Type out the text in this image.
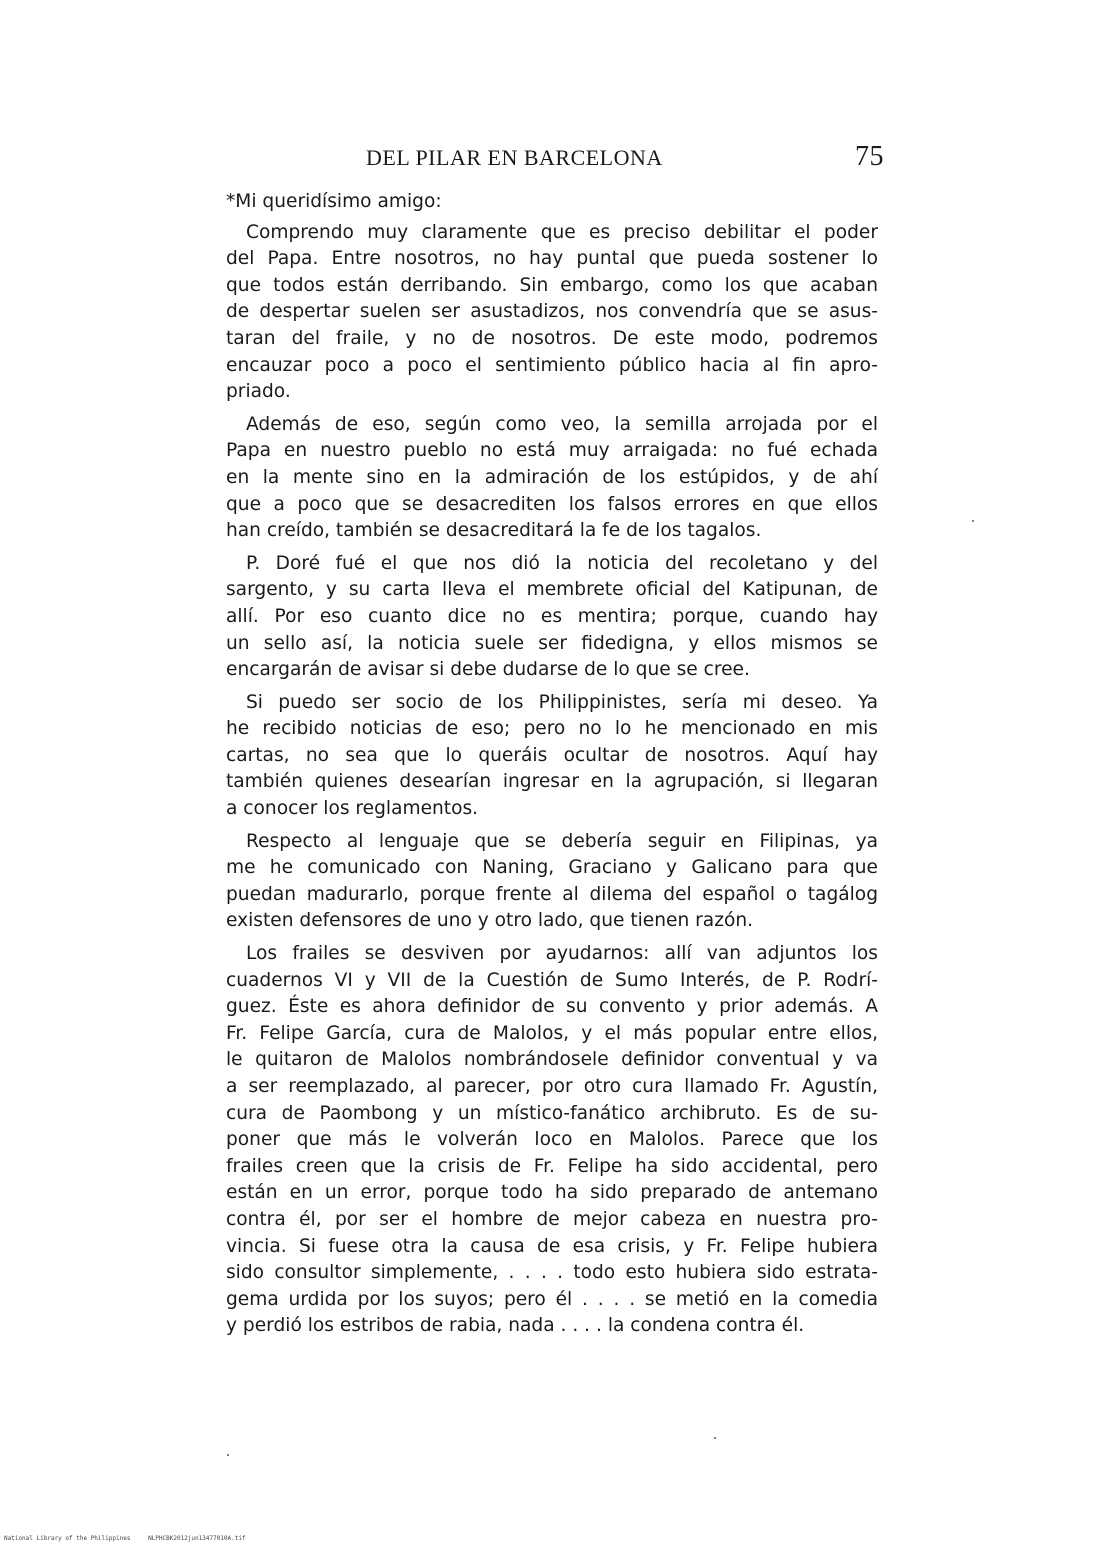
DEL PILAR EN BARCELONA	75
*Mi queridísimo amigo:
Comprendo muy claramente que es preciso debilitar el poder
del Papa. Entre nosotros, no hay puntal que pueda sostener lo
que todos están derribando. Sin embargo, como los que acaban
de despertar suelen ser asustadizos, nos convendría que se asus-
taran del fraile, y no de nosotros. De este modo, podremos
encauzar poco a poco el sentimiento público hacia al fin apro-
priado.
Además de eso, según como veo, la semilla arrojada por el
Papa en nuestro pueblo no está muy arraigada: no fué echada
en la mente sino en la admiración de los estúpidos, y de ahí
que a poco que se desacrediten los falsos errores en que ellos
han creído, también se desacreditará la fe de los tagalos.
P. Doré fué el que nos dió la noticia del recoletano y del
sargento, y su carta lleva el membrete oficial del Katipunan, de
allí. Por eso cuanto dice no es mentira; porque, cuando hay
un sello así, la noticia suele ser fidedigna, y ellos mismos se
encargarán de avisar si debe dudarse de lo que se cree.
Si puedo ser socio de los Philippinistes, sería mi deseo. Ya
he recibido noticias de eso; pero no lo he mencionado en mis
cartas, no sea que lo queráis ocultar de nosotros. Aquí hay
también quienes desearían ingresar en la agrupación, si llegaran
a conocer los reglamentos.
Respecto al lenguaje que se debería seguir en Filipinas, ya
me he comunicado con Naning, Graciano y Galicano para que
puedan madurarlo, porque frente al dilema del español o tagálog
existen defensores de uno y otro lado, que tienen razón.
Los frailes se desviven por ayudarnos: allí van adjuntos los
cuadernos VI y VII de la Cuestión de Sumo Interés, de P. Rodrí-
guez. Éste es ahora definidor de su convento y prior además. A
Fr. Felipe García, cura de Malolos, y el más popular entre ellos,
le quitaron de Malolos nombrándosele definidor conventual y va
a ser reemplazado, al parecer, por otro cura llamado Fr. Agustín,
cura de Paombong y un místico-fanático archibruto. Es de su-
poner que más le volverán loco en Malolos. Parece que los
frailes creen que la crisis de Fr. Felipe ha sido accidental, pero
están en un error, porque todo ha sido preparado de antemano
contra él, por ser el hombre de mejor cabeza en nuestra pro-
vincia. Si fuese otra la causa de esa crisis, y Fr. Felipe hubiera
sido consultor simplemente, . . . . todo esto hubiera sido estrata-
gema urdida por los suyos; pero él . . . . se metió en la comedia
y perdió los estribos de rabia, nada . . . . la condena contra él.
National Library of the Philippines	NLPHCBK2012jun13477010A.tif
